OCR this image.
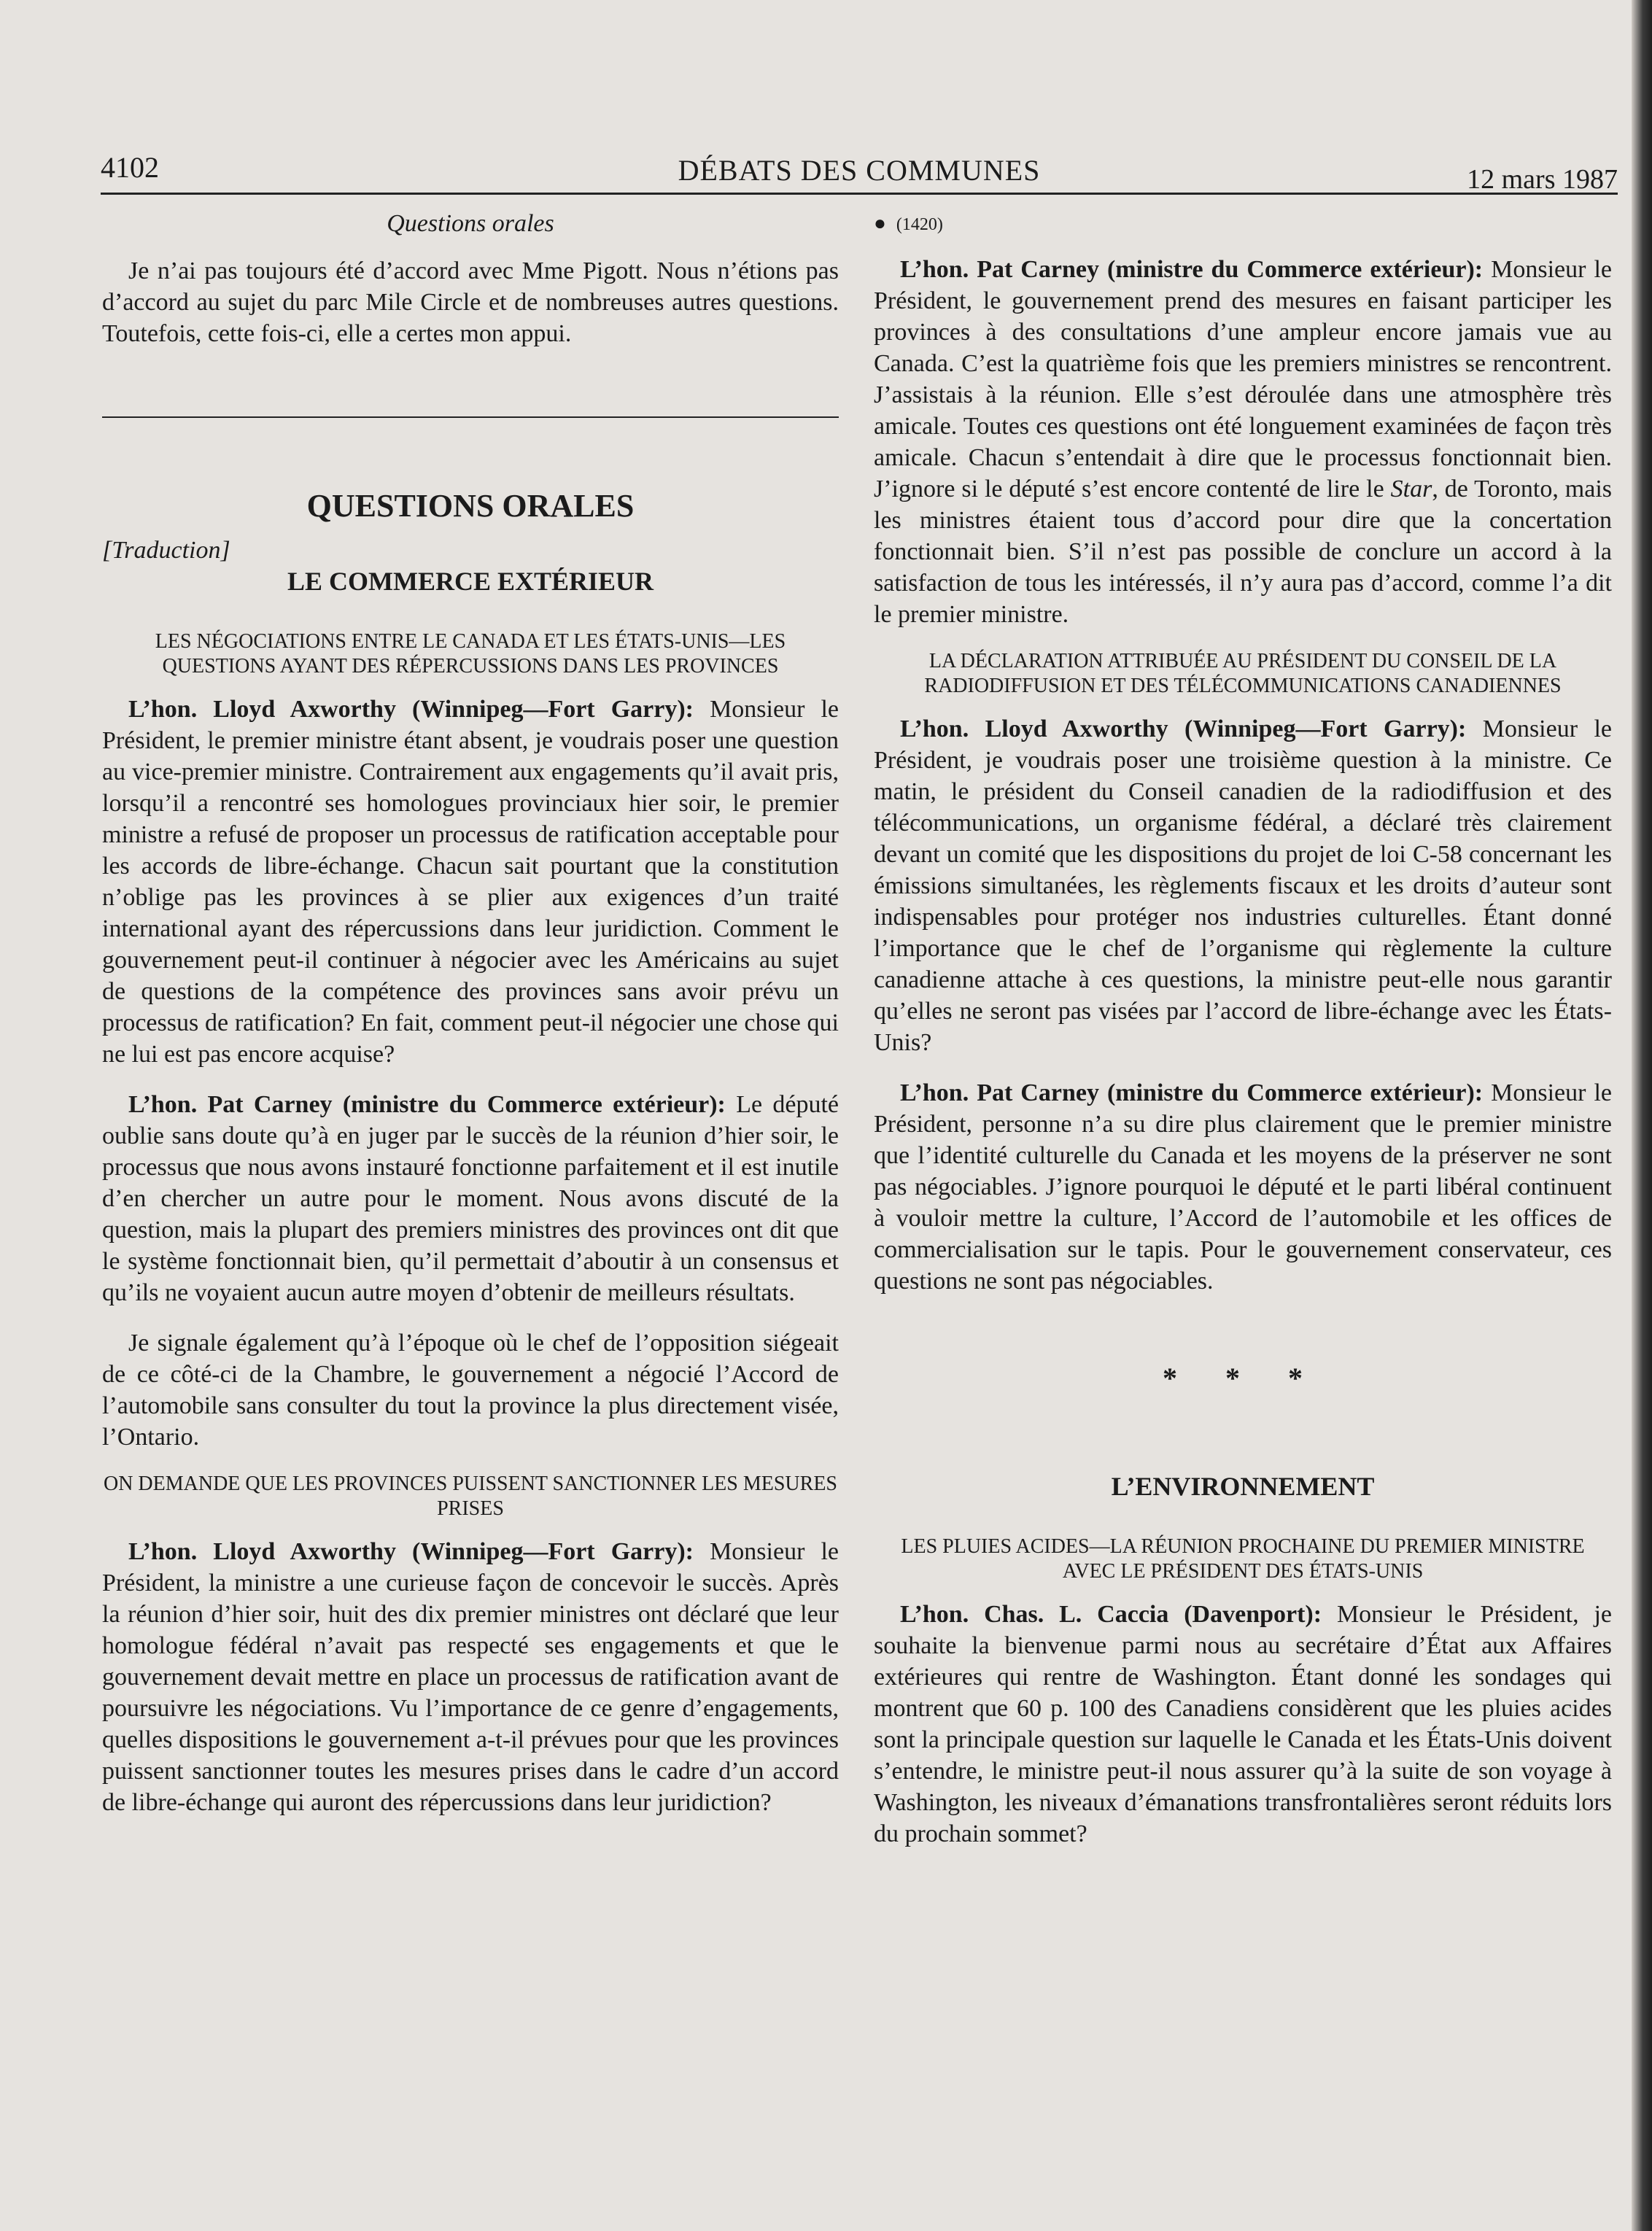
4102	DÉBATS DES COMMUNES	12 mars 1987
Questions orales

Je n’ai pas toujours été d’accord avec Mme Pigott. Nous n’étions pas d’accord au sujet du parc Mile Circle et de nombreuses autres questions. Toutefois, cette fois-ci, elle a certes mon appui.

QUESTIONS ORALES
[Traduction]
LE COMMERCE EXTÉRIEUR
LES NÉGOCIATIONS ENTRE LE CANADA ET LES ÉTATS-UNIS—LES QUESTIONS AYANT DES RÉPERCUSSIONS DANS LES PROVINCES

L’hon. Lloyd Axworthy (Winnipeg—Fort Garry): Monsieur le Président, le premier ministre étant absent, je voudrais poser une question au vice-premier ministre. Contrairement aux engagements qu’il avait pris, lorsqu’il a rencontré ses homologues provinciaux hier soir, le premier ministre a refusé de proposer un processus de ratification acceptable pour les accords de libre-échange. Chacun sait pourtant que la constitution n’oblige pas les provinces à se plier aux exigences d’un traité international ayant des répercussions dans leur juridiction. Comment le gouvernement peut-il continuer à négocier avec les Américains au sujet de questions de la compétence des provinces sans avoir prévu un processus de ratification? En fait, comment peut-il négocier une chose qui ne lui est pas encore acquise?

L’hon. Pat Carney (ministre du Commerce extérieur): Le député oublie sans doute qu’à en juger par le succès de la réunion d’hier soir, le processus que nous avons instauré fonctionne parfaitement et il est inutile d’en chercher un autre pour le moment. Nous avons discuté de la question, mais la plupart des premiers ministres des provinces ont dit que le système fonctionnait bien, qu’il permettait d’aboutir à un consensus et qu’ils ne voyaient aucun autre moyen d’obtenir de meilleurs résultats.

Je signale également qu’à l’époque où le chef de l’opposition siégeait de ce côté-ci de la Chambre, le gouvernement a négocié l’Accord de l’automobile sans consulter du tout la province la plus directement visée, l’Ontario.

ON DEMANDE QUE LES PROVINCES PUISSENT SANCTIONNER LES MESURES PRISES

L’hon. Lloyd Axworthy (Winnipeg—Fort Garry): Monsieur le Président, la ministre a une curieuse façon de concevoir le succès. Après la réunion d’hier soir, huit des dix premier ministres ont déclaré que leur homologue fédéral n’avait pas respecté ses engagements et que le gouvernement devait mettre en place un processus de ratification avant de poursuivre les négociations. Vu l’importance de ce genre d’engagements, quelles dispositions le gouvernement a-t-il prévues pour que les provinces puissent sanctionner toutes les mesures prises dans le cadre d’un accord de libre-échange qui auront des répercussions dans leur juridiction?

● (1420)

L’hon. Pat Carney (ministre du Commerce extérieur): Monsieur le Président, le gouvernement prend des mesures en faisant participer les provinces à des consultations d’une ampleur encore jamais vue au Canada. C’est la quatrième fois que les premiers ministres se rencontrent. J’assistais à la réunion. Elle s’est déroulée dans une atmosphère très amicale. Toutes ces questions ont été longuement examinées de façon très amicale. Chacun s’entendait à dire que le processus fonctionnait bien. J’ignore si le député s’est encore contenté de lire le Star, de Toronto, mais les ministres étaient tous d’accord pour dire que la concertation fonctionnait bien. S’il n’est pas possible de conclure un accord à la satisfaction de tous les intéressés, il n’y aura pas d’accord, comme l’a dit le premier ministre.

LA DÉCLARATION ATTRIBUÉE AU PRÉSIDENT DU CONSEIL DE LA RADIODIFFUSION ET DES TÉLÉCOMMUNICATIONS CANADIENNES

L’hon. Lloyd Axworthy (Winnipeg—Fort Garry): Monsieur le Président, je voudrais poser une troisième question à la ministre. Ce matin, le président du Conseil canadien de la radiodiffusion et des télécommunications, un organisme fédéral, a déclaré très clairement devant un comité que les dispositions du projet de loi C-58 concernant les émissions simultanées, les règlements fiscaux et les droits d’auteur sont indispensables pour protéger nos industries culturelles. Étant donné l’importance que le chef de l’organisme qui règlemente la culture canadienne attache à ces questions, la ministre peut-elle nous garantir qu’elles ne seront pas visées par l’accord de libre-échange avec les États-Unis?

L’hon. Pat Carney (ministre du Commerce extérieur): Monsieur le Président, personne n’a su dire plus clairement que le premier ministre que l’identité culturelle du Canada et les moyens de la préserver ne sont pas négociables. J’ignore pourquoi le député et le parti libéral continuent à vouloir mettre la culture, l’Accord de l’automobile et les offices de commercialisation sur le tapis. Pour le gouvernement conservateur, ces questions ne sont pas négociables.

* * *
L’ENVIRONNEMENT
LES PLUIES ACIDES—LA RÉUNION PROCHAINE DU PREMIER MINISTRE AVEC LE PRÉSIDENT DES ÉTATS-UNIS

L’hon. Chas. L. Caccia (Davenport): Monsieur le Président, je souhaite la bienvenue parmi nous au secrétaire d’État aux Affaires extérieures qui rentre de Washington. Étant donné les sondages qui montrent que 60 p. 100 des Canadiens considèrent que les pluies acides sont la principale question sur laquelle le Canada et les États-Unis doivent s’entendre, le ministre peut-il nous assurer qu’à la suite de son voyage à Washington, les niveaux d’émanations transfrontalières seront réduits lors du prochain sommet?
